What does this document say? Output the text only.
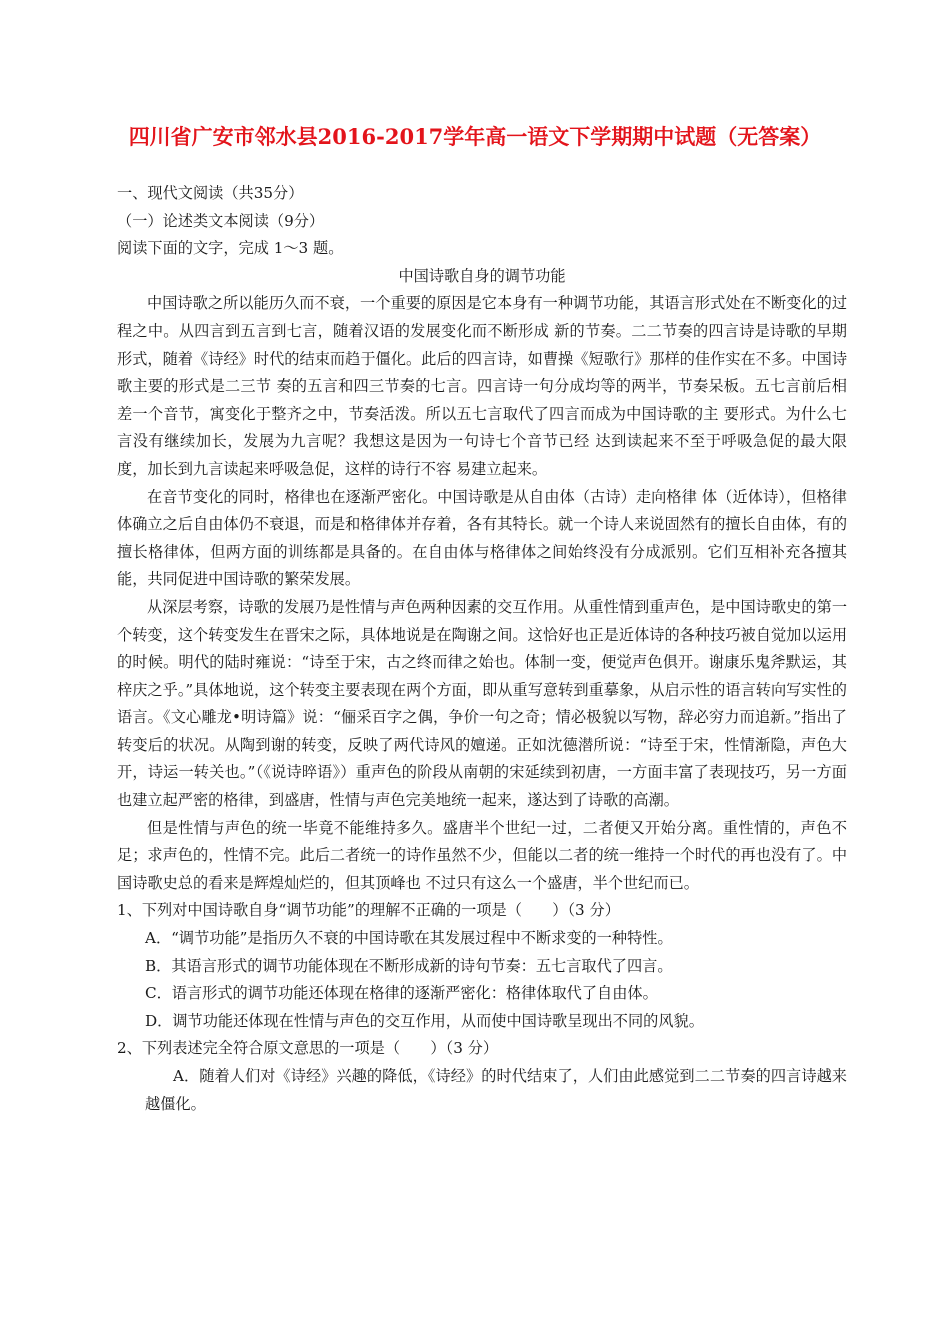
四川省广安市邻水县2016-2017学年高一语文下学期期中试题（无答案）
一、现代文阅读（共35分）
（一）论述类文本阅读（9分）
阅读下面的文字，完成 1～3 题。
中国诗歌自身的调节功能
中国诗歌之所以能历久而不衰，一个重要的原因是它本身有一种调节功能，其语言形式处在不断变化的过程之中。从四言到五言到七言，随着汉语的发展变化而不断形成 新的节奏。二二节奏的四言诗是诗歌的早期形式，随着《诗经》时代的结束而趋于僵化。此后的四言诗，如曹操《短歌行》那样的佳作实在不多。中国诗歌主要的形式是二三节 奏的五言和四三节奏的七言。四言诗一句分成均等的两半，节奏呆板。五七言前后相差一个音节，寓变化于整齐之中，节奏活泼。所以五七言取代了四言而成为中国诗歌的主 要形式。为什么七言没有继续加长，发展为九言呢？我想这是因为一句诗七个音节已经 达到读起来不至于呼吸急促的最大限度，加长到九言读起来呼吸急促，这样的诗行不容 易建立起来。
在音节变化的同时，格律也在逐渐严密化。中国诗歌是从自由体（古诗）走向格律 体（近体诗），但格律体确立之后自由体仍不衰退，而是和格律体并存着，各有其特长。就一个诗人来说固然有的擅长自由体，有的擅长格律体，但两方面的训练都是具备的。在自由体与格律体之间始终没有分成派别。它们互相补充各擅其能，共同促进中国诗歌的繁荣发展。
从深层考察，诗歌的发展乃是性情与声色两种因素的交互作用。从重性情到重声色，是中国诗歌史的第一个转变，这个转变发生在晋宋之际，具体地说是在陶谢之间。这恰好也正是近体诗的各种技巧被自觉加以运用的时候。明代的陆时雍说：“诗至于宋，古之终而律之始也。体制一变，便觉声色俱开。谢康乐鬼斧默运，其梓庆之乎。”具体地说，这个转变主要表现在两个方面，即从重写意转到重摹象，从启示性的语言转向写实性的语言。《文心雕龙•明诗篇》说：“俪采百字之偶，争价一句之奇；情必极貌以写物，辞必穷力而追新。”指出了转变后的状况。从陶到谢的转变，反映了两代诗风的嬗递。正如沈德潜所说：“诗至于宋，性情渐隐，声色大开，诗运一转关也。”（《说诗晬语》）重声色的阶段从南朝的宋延续到初唐，一方面丰富了表现技巧，另一方面也建立起严密的格律，到盛唐，性情与声色完美地统一起来，遂达到了诗歌的高潮。
但是性情与声色的统一毕竟不能维持多久。盛唐半个世纪一过，二者便又开始分离。重性情的，声色不足；求声色的，性情不完。此后二者统一的诗作虽然不少，但能以二者的统一维持一个时代的再也没有了。中国诗歌史总的看来是辉煌灿烂的，但其顶峰也 不过只有这么一个盛唐，半个世纪而已。
1、下列对中国诗歌自身“调节功能”的理解不正确的一项是（　　）（3 分）
A．“调节功能”是指历久不衰的中国诗歌在其发展过程中不断求变的一种特性。
B．其语言形式的调节功能体现在不断形成新的诗句节奏：五七言取代了四言。
C．语言形式的调节功能还体现在格律的逐渐严密化：格律体取代了自由体。
D．调节功能还体现在性情与声色的交互作用，从而使中国诗歌呈现出不同的风貌。
2、下列表述完全符合原文意思的一项是（　　）（3 分）
A．随着人们对《诗经》兴趣的降低，《诗经》的时代结束了，人们由此感觉到二二节奏的四言诗越来越僵化。
